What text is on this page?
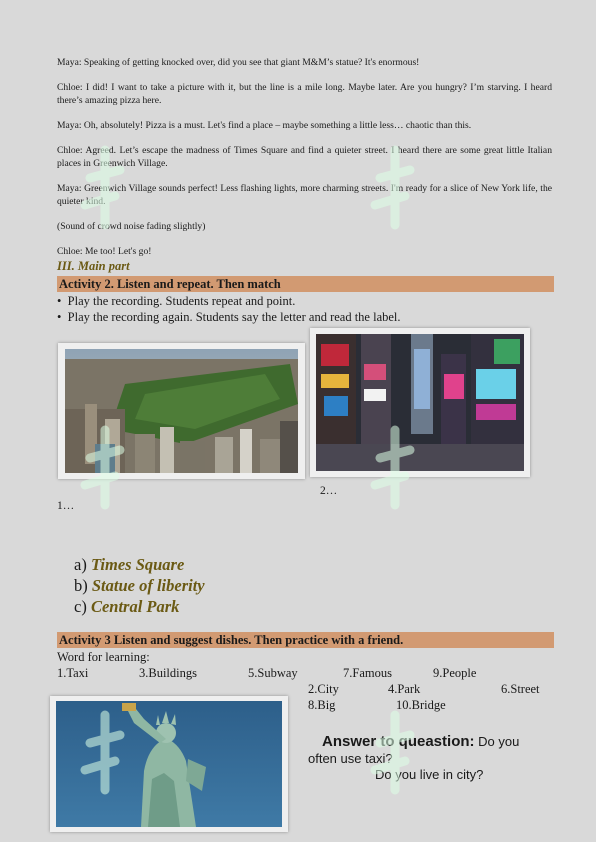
Maya: Speaking of getting knocked over, did you see that giant M&M’s statue? It's enormous!
Chloe: I did! I want to take a picture with it, but the line is a mile long. Maybe later. Are you hungry? I’m starving. I heard there’s amazing pizza here.
Maya: Oh, absolutely! Pizza is a must. Let's find a place – maybe something a little less… chaotic than this.
Chloe: Agreed. Let’s escape the madness of Times Square and find a quieter street. I heard there are some great little Italian places in Greenwich Village.
Maya: Greenwich Village sounds perfect! Less flashing lights, more charming streets. I'm ready for a slice of New York life, the quieter kind.
(Sound of crowd noise fading slightly)
Chloe: Me too! Let's go!
III. Main part
Activity 2. Listen and repeat. Then match
•  Play the recording. Students repeat and point.
•  Play the recording again. Students say the letter and read the label.
1…
2…
a) Times Square
b) Statue of liberity
c) Central Park
Activity 3 Listen and suggest dishes. Then practice with a friend.
Word for learning:
1.Taxi	3.Buildings	5.Subway	7.Famous	9.People
2.City	4.Park	6.Street
8.Big	10.Bridge
Answer to queastion: Do you
often use taxi?
Do you live in city?
